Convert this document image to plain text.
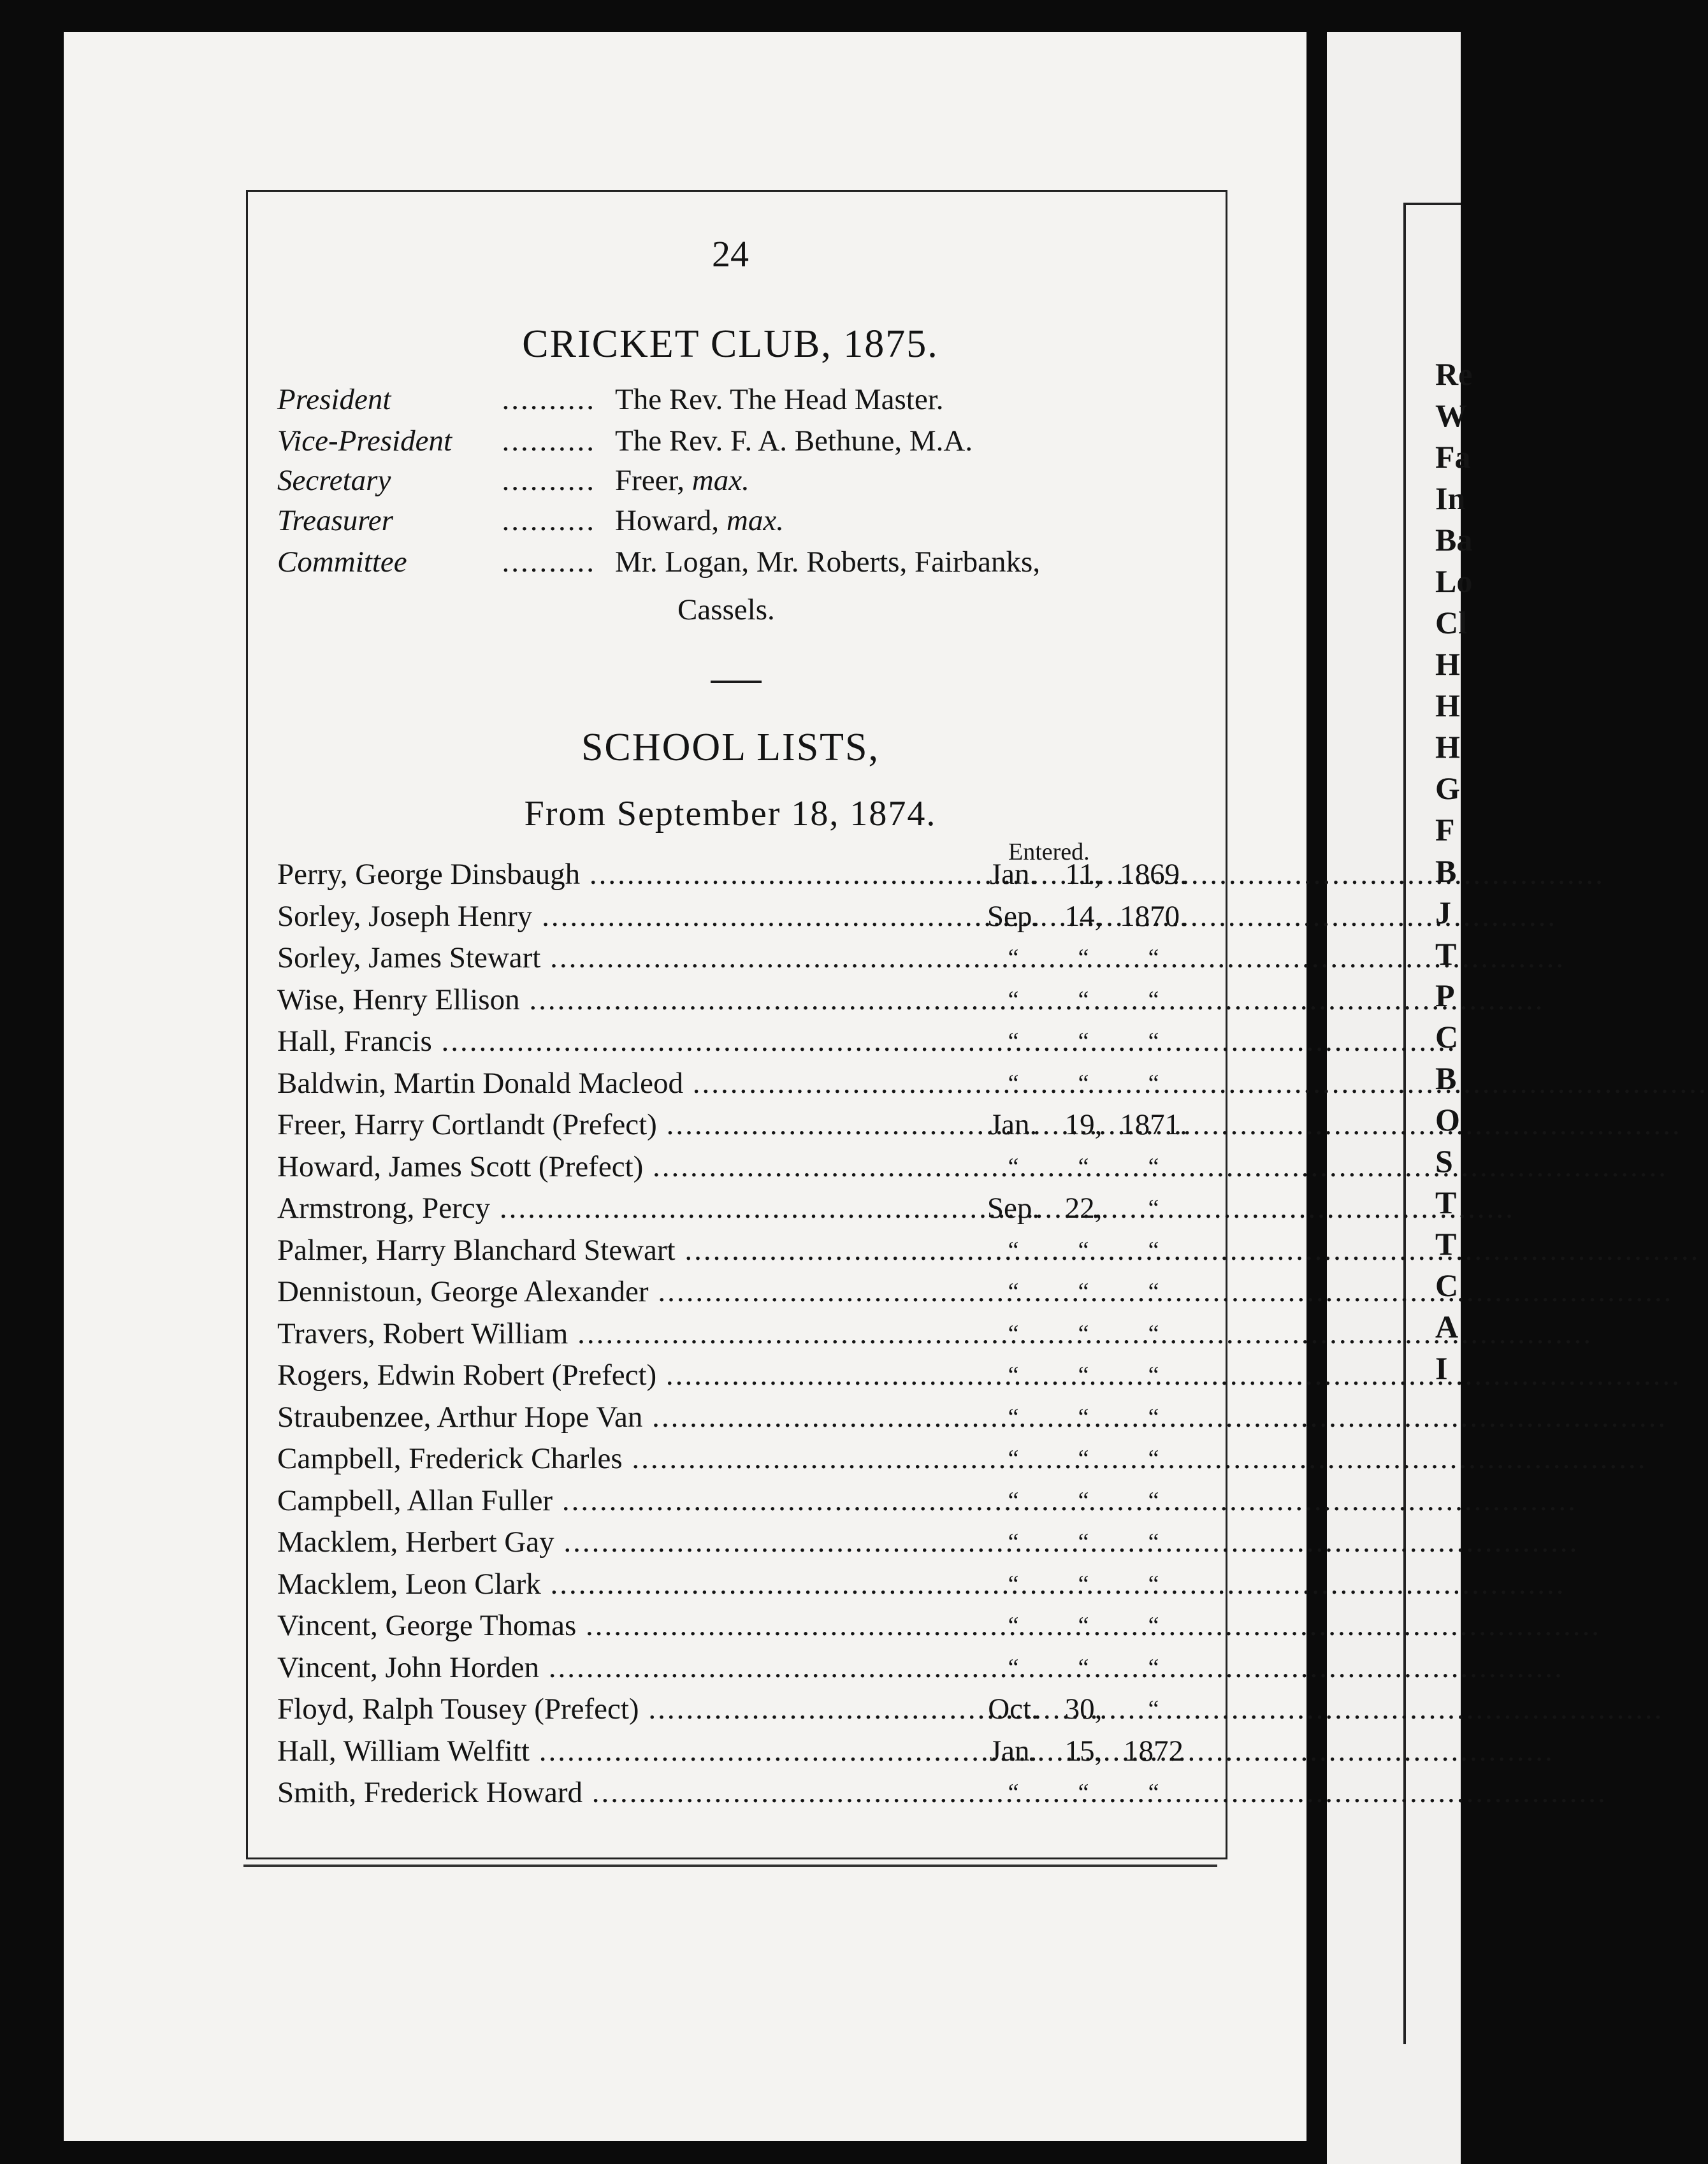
Re
W
Fa
In
Ba
Lo
Cl
H
H
H
G
F
B
J
T
P
C
B
O
S
T
T
C
A
I
24
CRICKET CLUB, 1875.
..........
President	The Rev. The Head Master.
..........
Vice-President	The Rev. F. A. Bethune, M.A.
..........
Secretary	Freer, max.
..........
Treasurer	Howard, max.
..........
Committee	Mr. Logan, Mr. Roberts, Fairbanks,
Cassels.
SCHOOL LISTS,
From September 18, 1874.
Entered.
Perry, George Dinsbaugh .....	Jan. 11, 1869.
Sorley, Joseph Henry .....	Sep. 14, 1870.
Sorley, James Stewart .....	“	“	“
Wise, Henry Ellison .....	“	“	“
Hall, Francis .....	“	“	“
Baldwin, Martin Donald Macleod .....	“	“	“
Freer, Harry Cortlandt (Prefect) .....	Jan. 19, 1871.
Howard, James Scott (Prefect) .....	“	“	“
Armstrong, Percy .....	Sep. 22,	“
Palmer, Harry Blanchard Stewart .....	“	“	“
Dennistoun, George Alexander .....	“	“	“
Travers, Robert William .....	“	“	“
Rogers, Edwin Robert (Prefect) .....	“	“	“
Straubenzee, Arthur Hope Van .....	“	“	“
Campbell, Frederick Charles .....	“	“	“
Campbell, Allan Fuller .....	“	“	“
Macklem, Herbert Gay .....	“	“	“
Macklem, Leon Clark .....	“	“	“
Vincent, George Thomas .....	“	“	“
Vincent, John Horden .....	“	“	“
Floyd, Ralph Tousey (Prefect) .....	Oct. 30,	“
Hall, William Welfitt .....	Jan. 15, 1872
Smith, Frederick Howard .....	“	“	“
